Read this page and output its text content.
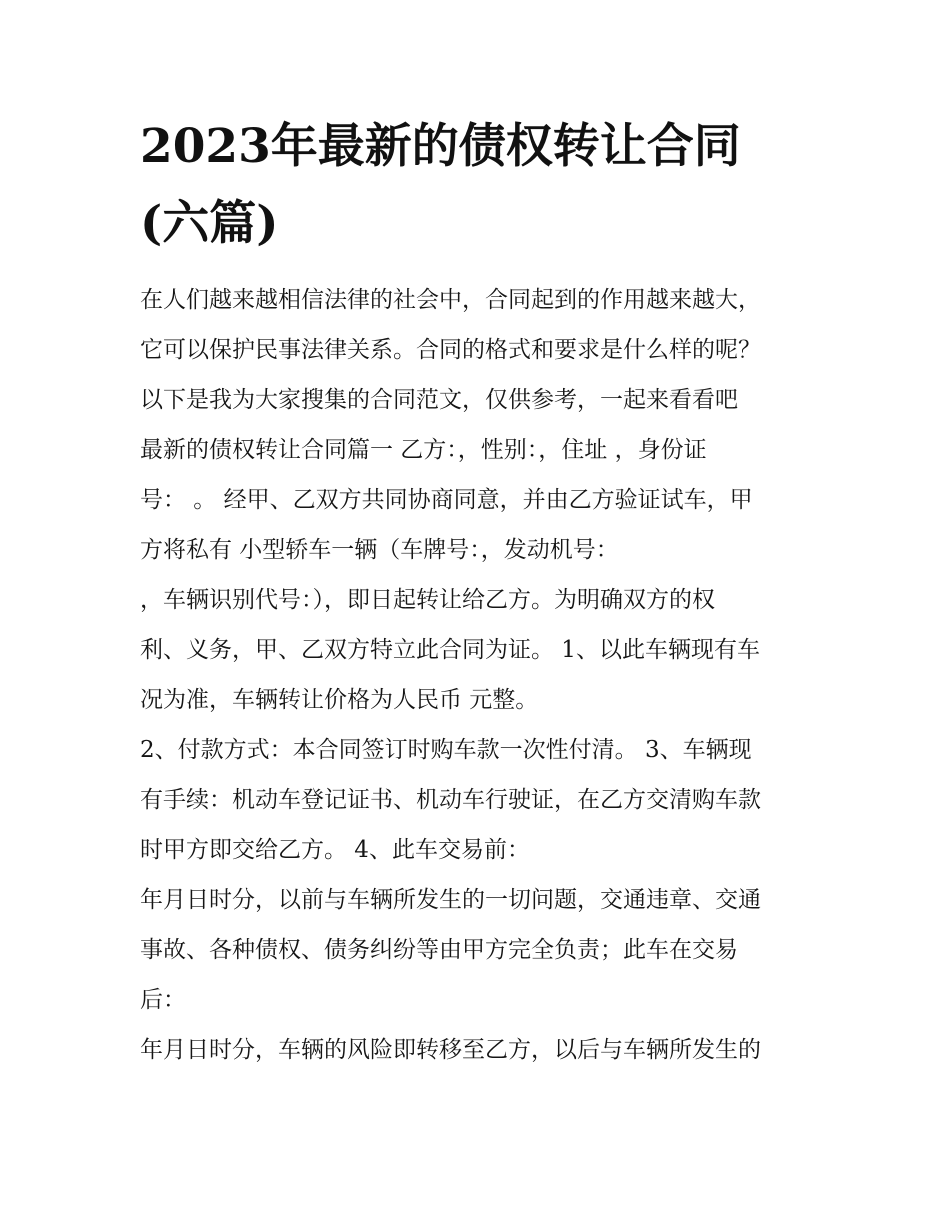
2023年最新的债权转让合同
(六篇)

在人们越来越相信法律的社会中，合同起到的作用越来越大，

它可以保护民事法律关系。合同的格式和要求是什么样的呢？

以下是我为大家搜集的合同范文，仅供参考，一起来看看吧

最新的债权转让合同篇一 乙方：，性别：，住址 ，身份证

号： 。 经甲、乙双方共同协商同意，并由乙方验证试车，甲

方将私有 小型轿车一辆（车牌号：，发动机号：

，车辆识别代号：），即日起转让给乙方。为明确双方的权

利、义务，甲、乙双方特立此合同为证。 1、以此车辆现有车

况为准，车辆转让价格为人民币 元整。

2、付款方式：本合同签订时购车款一次性付清。 3、车辆现

有手续：机动车登记证书、机动车行驶证，在乙方交清购车款

时甲方即交给乙方。 4、此车交易前：

年月日时分，以前与车辆所发生的一切问题，交通违章、交通

事故、各种债权、债务纠纷等由甲方完全负责；此车在交易

后：

年月日时分，车辆的风险即转移至乙方，以后与车辆所发生的
